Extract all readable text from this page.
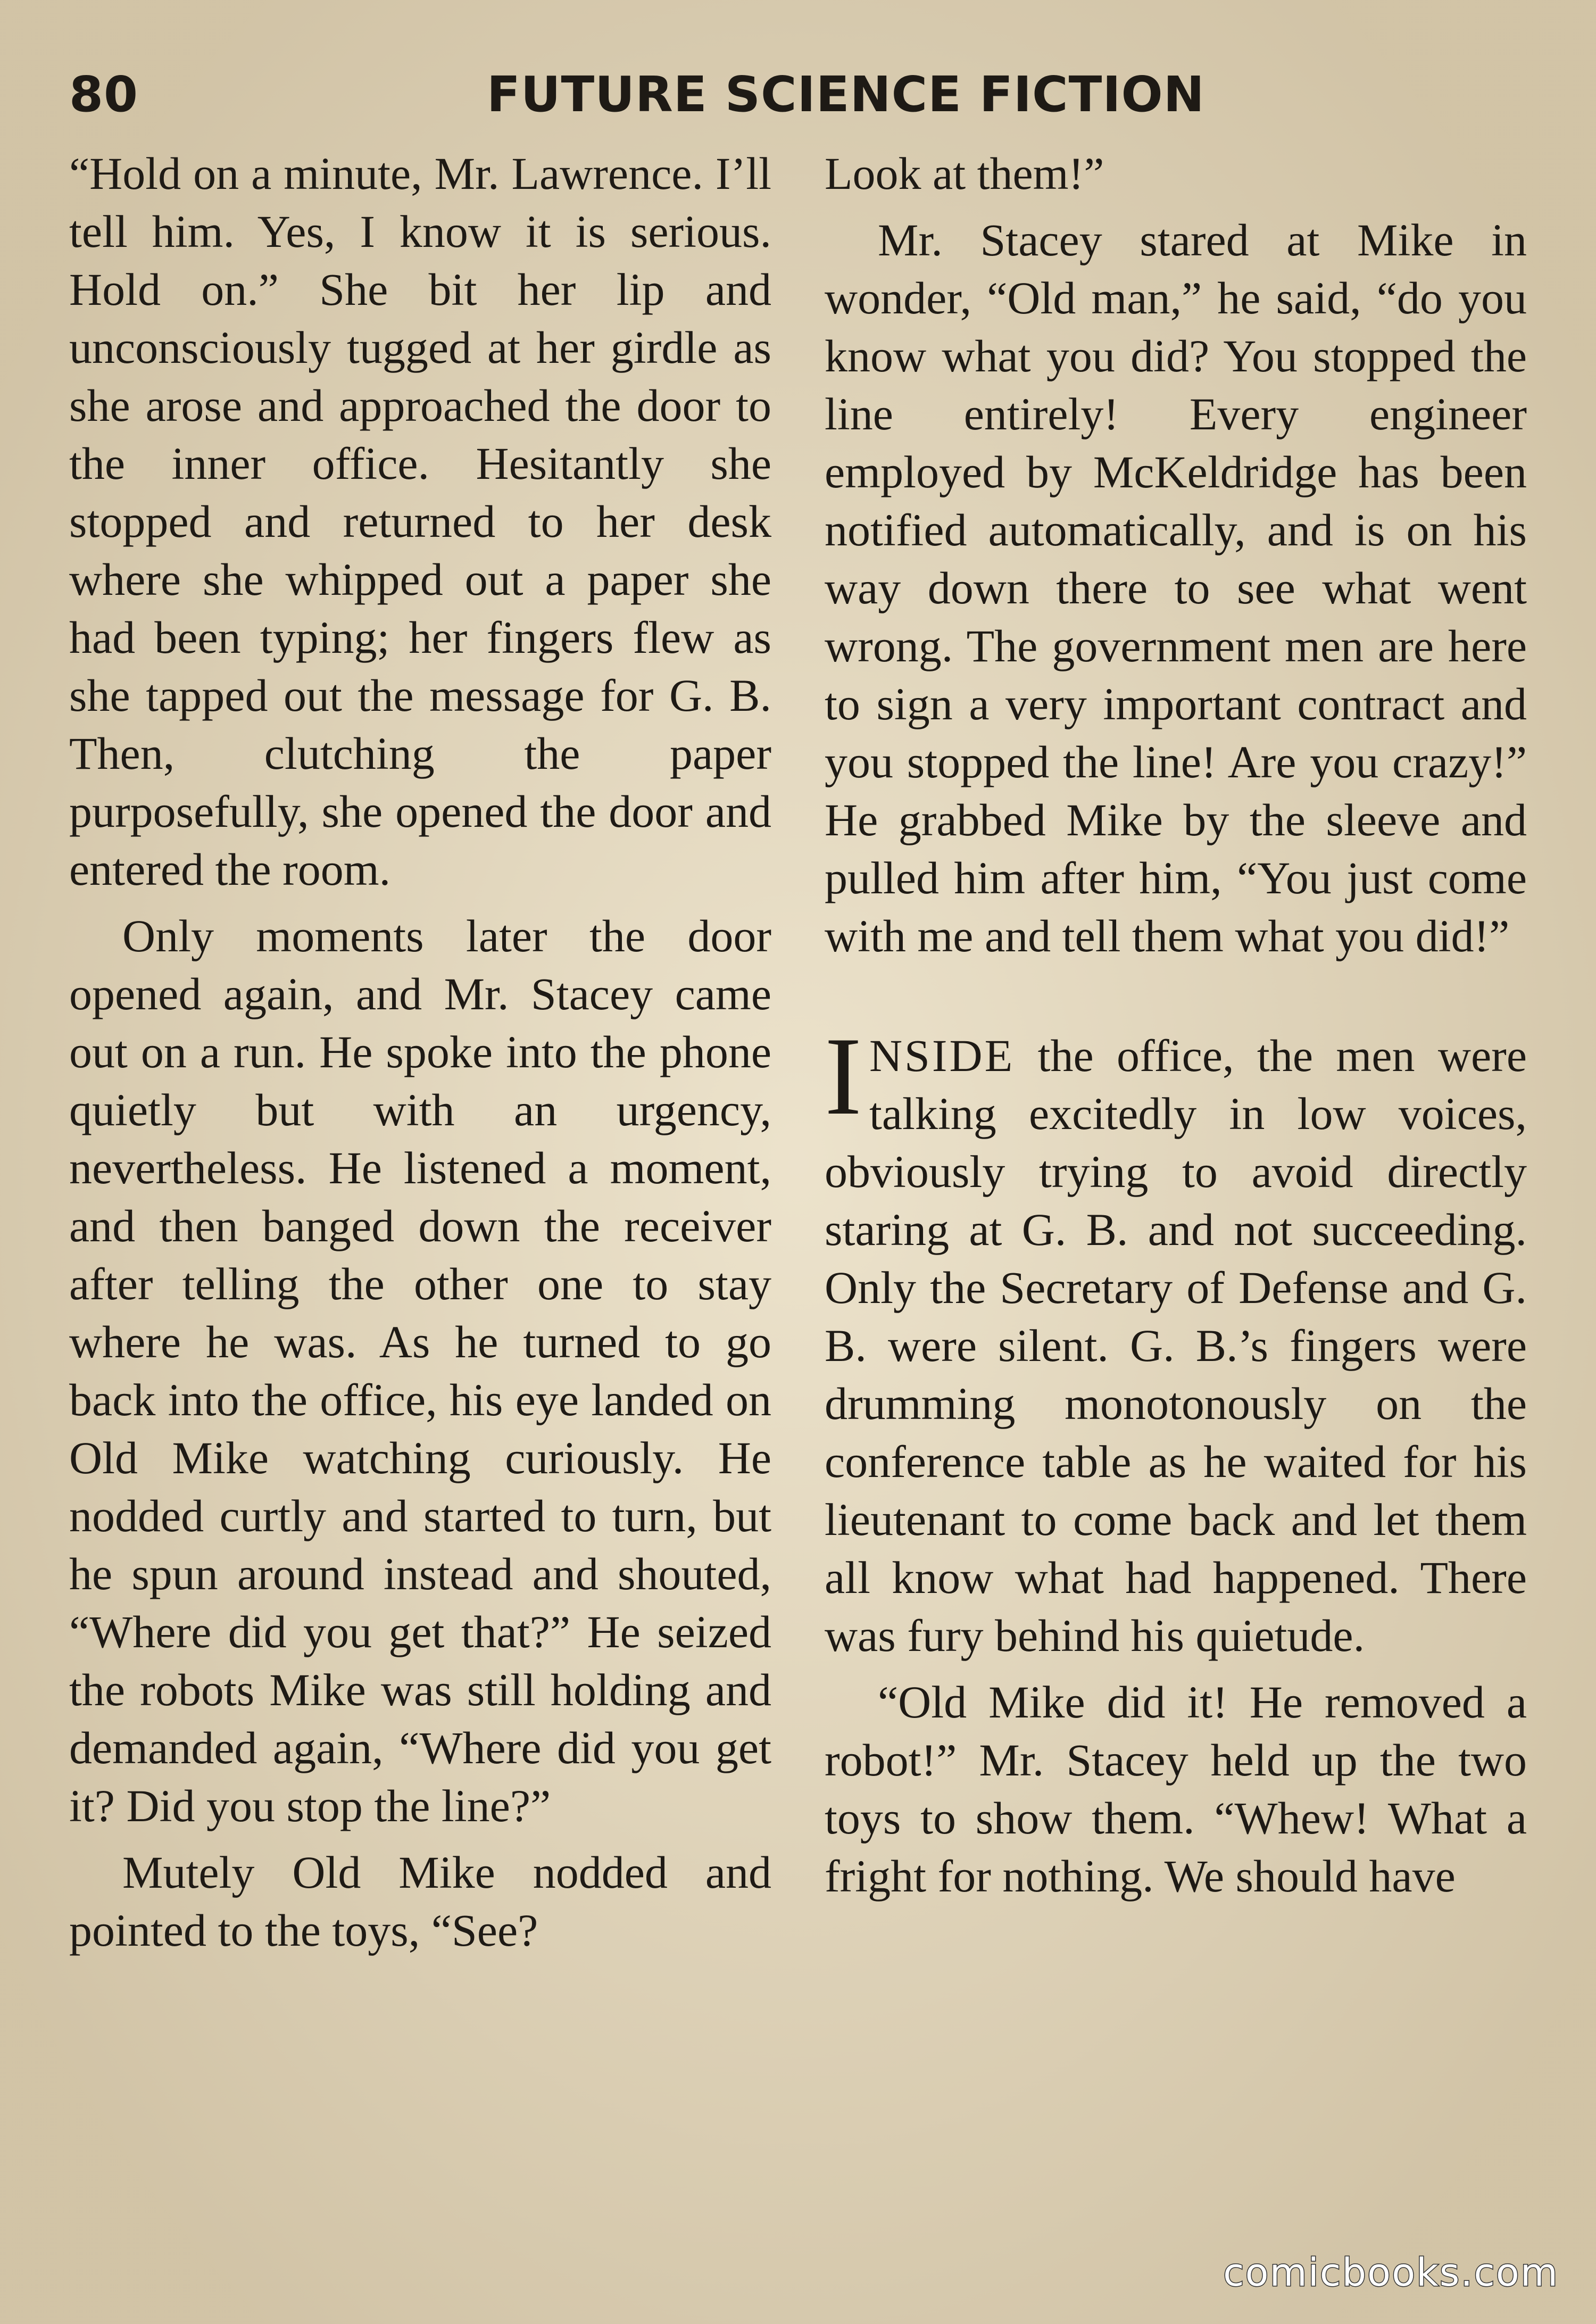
80	FUTURE SCIENCE FICTION

“Hold on a minute, Mr. Lawrence. I’ll tell him. Yes, I know it is serious. Hold on.” She bit her lip and unconsciously tugged at her girdle as she arose and approached the door to the inner office. Hesitantly she stopped and returned to her desk where she whipped out a paper she had been typing; her fingers flew as she tapped out the message for G. B. Then, clutching the paper purposefully, she opened the door and entered the room.

Only moments later the door opened again, and Mr. Stacey came out on a run. He spoke into the phone quietly but with an urgency, nevertheless. He listened a moment, and then banged down the receiver after telling the other one to stay where he was. As he turned to go back into the office, his eye landed on Old Mike watching curiously. He nodded curtly and started to turn, but he spun around instead and shouted, “Where did you get that?” He seized the robots Mike was still holding and demanded again, “Where did you get it? Did you stop the line?”

Mutely Old Mike nodded and pointed to the toys, “See?

Look at them!”

Mr. Stacey stared at Mike in wonder, “Old man,” he said, “do you know what you did? You stopped the line entirely! Every engineer employed by McKeldridge has been notified automatically, and is on his way down there to see what went wrong. The government men are here to sign a very important contract and you stopped the line! Are you crazy!” He grabbed Mike by the sleeve and pulled him after him, “You just come with me and tell them what you did!”

INSIDE the office, the men were talking excitedly in low voices, obviously trying to avoid directly staring at G. B. and not succeeding. Only the Secretary of Defense and G. B. were silent. G. B.’s fingers were drumming monotonously on the conference table as he waited for his lieutenant to come back and let them all know what had happened. There was fury behind his quietude.

“Old Mike did it! He removed a robot!” Mr. Stacey held up the two toys to show them. “Whew! What a fright for nothing. We should have

comicbooks.com
